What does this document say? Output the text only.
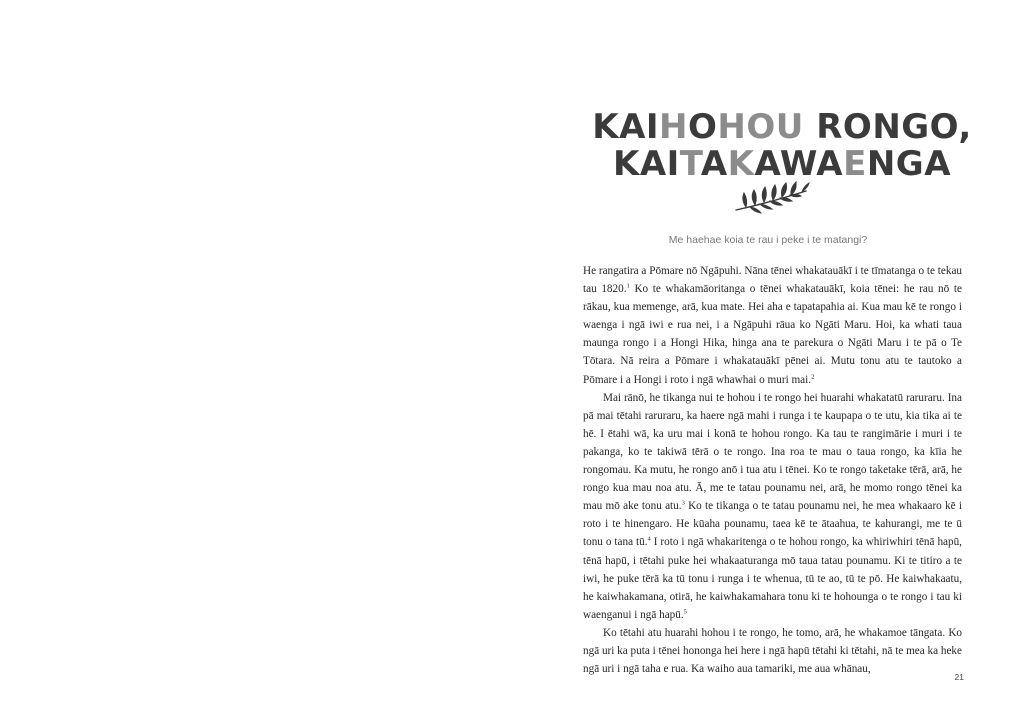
KAIHOHOU RONGO,
KAITAKAWAENGA
Me haehae koia te rau i peke i te matangi?

He rangatira a Pōmare nō Ngāpuhi. Nāna tēnei whakatauākī i te tīmatanga o te tekau tau 1820.$^1$ Ko te whakamāoritanga o tēnei whakatauākī, koia tēnei: he rau nō te rākau, kua memenge, arā, kua mate. Hei aha e tapatapahia ai. Kua mau kē te rongo i waenga i ngā iwi e rua nei, i a Ngāpuhi rāua ko Ngāti Maru. Hoi, ka whati taua maunga rongo i a Hongi Hika, hinga ana te parekura o Ngāti Maru i te pā o Te Tōtara. Nā reira a Pōmare i whakatauākī pēnei ai. Mutu tonu atu te tautoko a Pōmare i a Hongi i roto i ngā whawhai o muri mai.$^2$

Mai rānō, he tikanga nui te hohou i te rongo hei huarahi whakatatū raruraru. Ina pā mai tētahi raruraru, ka haere ngā mahi i runga i te kaupapa o te utu, kia tika ai te hē. I ētahi wā, ka uru mai i konā te hohou rongo. Ka tau te rangimārie i muri i te pakanga, ko te takiwā tērā o te rongo. Ina roa te mau o taua rongo, ka kīia he rongomau. Ka mutu, he rongo anō i tua atu i tēnei. Ko te rongo taketake tērā, arā, he rongo kua mau noa atu. Ā, me te tatau pounamu nei, arā, he momo rongo tēnei ka mau mō ake tonu atu.$^3$ Ko te tikanga o te tatau pounamu nei, he mea whakaaro kē i roto i te hinengaro. He kūaha pounamu, taea kē te ātaahua, te kahurangi, me te ū tonu o tana tū.$^4$ I roto i ngā whakaritenga o te hohou rongo, ka whiriwhiri tēnā hapū, tēnā hapū, i tētahi puke hei whakaaturanga mō taua tatau pounamu. Ki te titiro a te iwi, he puke tērā ka tū tonu i runga i te whenua, tū te ao, tū te pō. He kaiwhakaatu, he kaiwhakamana, otirā, he kaiwhakamahara tonu ki te hohounga o te rongo i tau ki waenganui i ngā hapū.$^5$

Ko tētahi atu huarahi hohou i te rongo, he tomo, arā, he whakamoe tāngata. Ko ngā uri ka puta i tēnei hononga hei here i ngā hapū tētahi ki tētahi, nā te mea ka heke ngā uri i ngā taha e rua. Ka waiho aua tamariki, me aua whānau,

21
